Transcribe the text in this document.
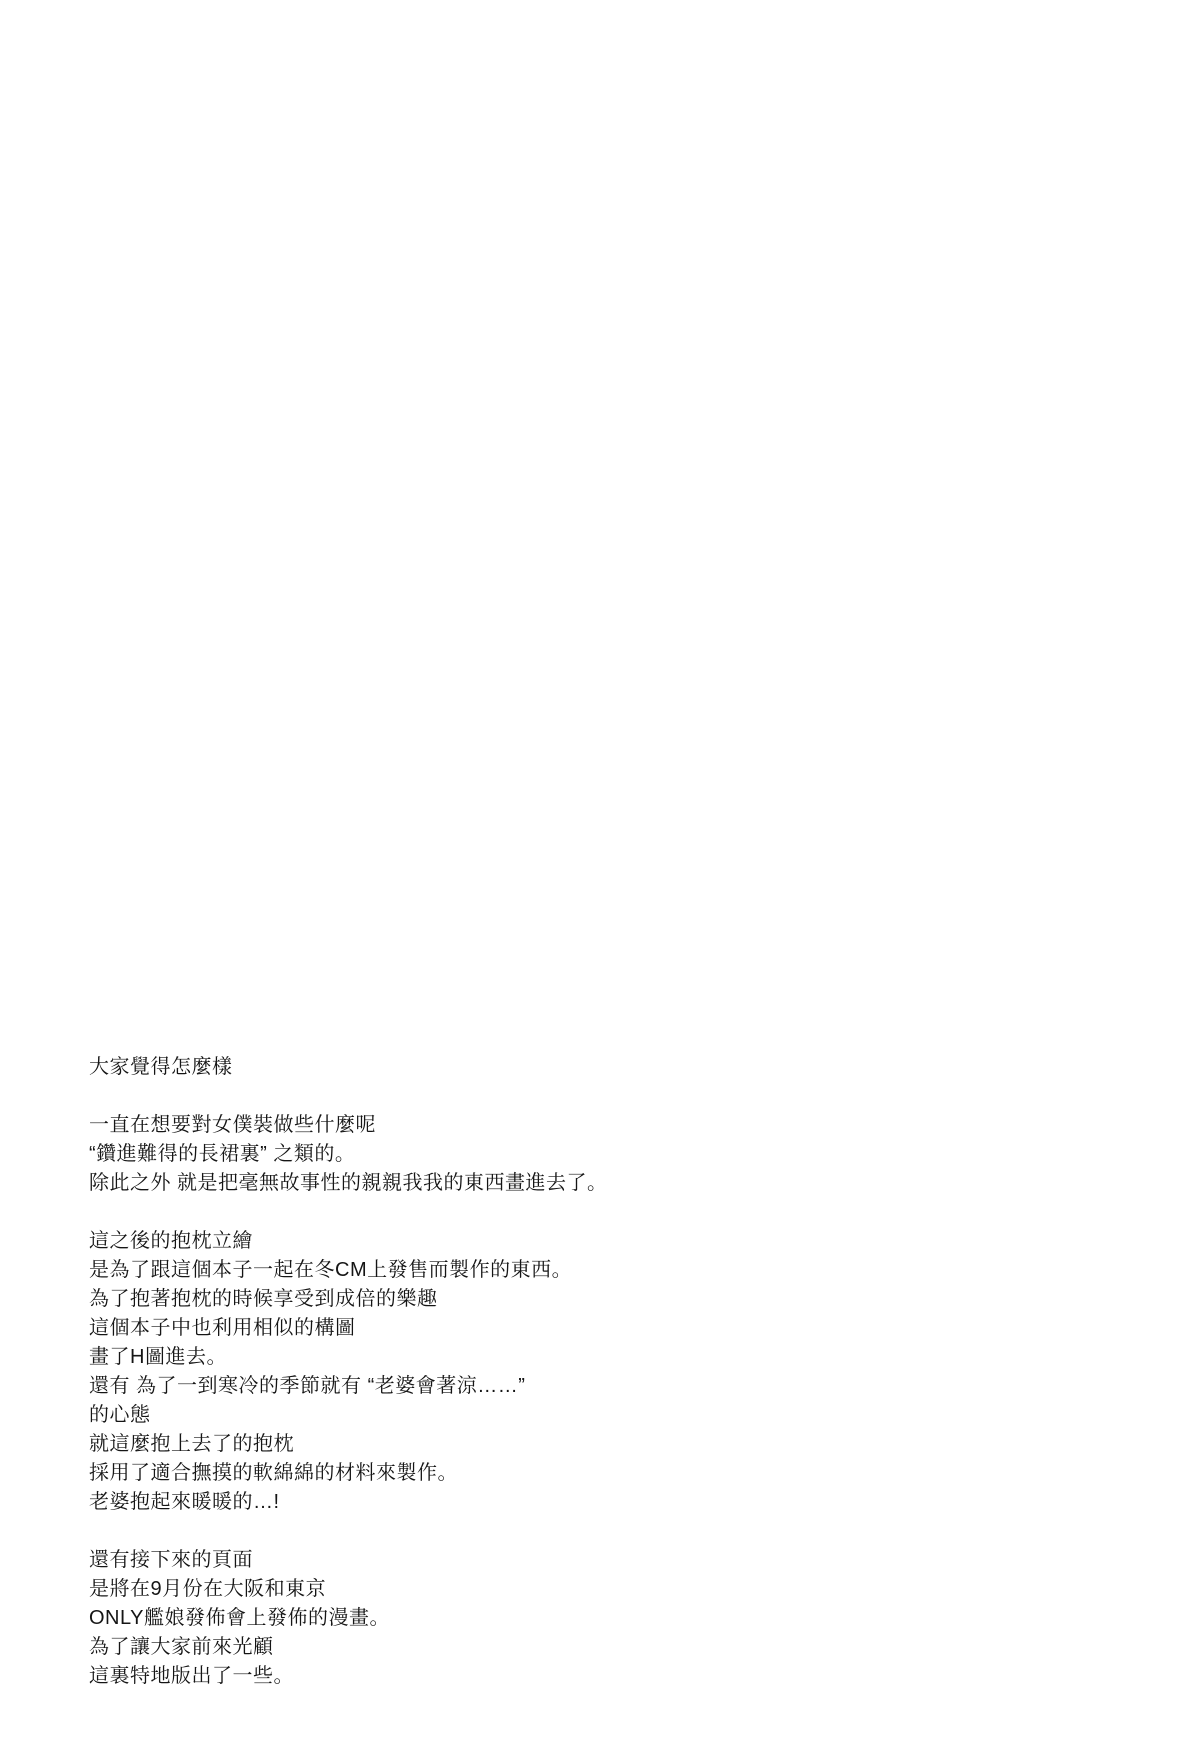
大家覺得怎麼樣
一直在想要對女僕裝做些什麼呢
“鑽進難得的長裙裏” 之類的。
除此之外 就是把毫無故事性的親親我我的東西畫進去了。
這之後的抱枕立繪
是為了跟這個本子一起在冬CM上發售而製作的東西。
為了抱著抱枕的時候享受到成倍的樂趣
這個本子中也利用相似的構圖
畫了H圖進去。
還有 為了一到寒冷的季節就有 “老婆會著涼……”
的心態
就這麼抱上去了的抱枕
採用了適合撫摸的軟綿綿的材料來製作。
老婆抱起來暖暖的…!
還有接下來的頁面
是將在9月份在大阪和東京
ONLY艦娘發佈會上發佈的漫畫。
為了讓大家前來光顧
這裏特地版出了一些。
